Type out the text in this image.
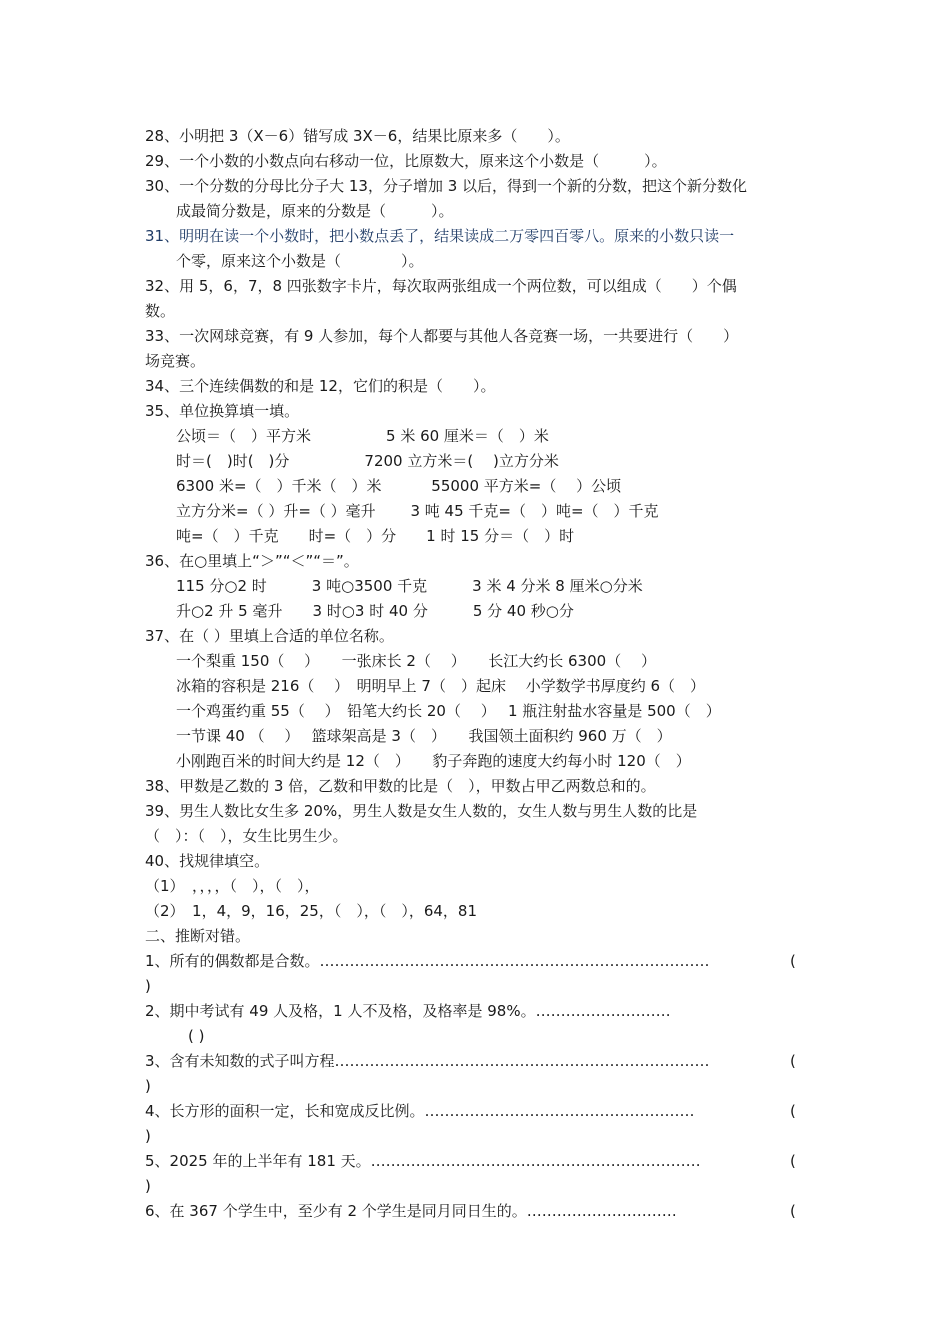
28、小明把 3（X－6）错写成 3X－6，结果比原来多（　　）。
29、一个小数的小数点向右移动一位，比原数大，原来这个小数是（　　　）。
30、一个分数的分母比分子大 13，分子增加 3 以后，得到一个新的分数，把这个新分数化
成最简分数是，原来的分数是（　　　）。
31、明明在读一个小数时，把小数点丢了，结果读成二万零四百零八。原来的小数只读一
个零，原来这个小数是（　　　　）。
32、用 5，6，7，8 四张数字卡片，每次取两张组成一个两位数，可以组成（　　）个偶
数。
33、一次网球竞赛，有 9 人参加，每个人都要与其他人各竞赛一场，一共要进行（　　）
场竞赛。
34、三个连续偶数的和是 12，它们的积是（　　）。
35、单位换算填一填。
公顷＝（　）平方米　　　　　5 米 60 厘米＝（　）米
时＝(　)时(　)分　　　　　7200 立方米＝(　 )立方分米
6300 米=（　）千米（　）米　　　 55000 平方米=（　 ）公顷
立方分米=（ ）升=（ ）毫升　　 3 吨 45 千克=（　）吨=（　）千克
吨=（　）千克　　时=（　）分　　1 时 15 分＝（　）时
36、在○里填上“＞”“＜”“＝”。
115 分○2 时　　　3 吨○3500 千克　　　3 米 4 分米 8 厘米○分米
升○2 升 5 毫升　　3 时○3 时 40 分　　　5 分 40 秒○分
37、在（ ）里填上合适的单位名称。
一个梨重 150（　 ）　　一张床长 2（　 ）　　长江大约长 6300（　 ）
冰箱的容积是 216（　 ）　明明早上 7（　）起床　 小学数学书厚度约 6（　）
一个鸡蛋约重 55（　 ）　铅笔大约长 20（　 ）　 1 瓶注射盐水容量是 500（　）
一节课 40 （　 ）　 篮球架高是 3（　）　　我国领土面积约 960 万（　）
小刚跑百米的时间大约是 12（　）　　豹子奔跑的速度大约每小时 120（　）
38、甲数是乙数的 3 倍，乙数和甲数的比是（　），甲数占甲乙两数总和的。
39、男生人数比女生多 20%，男生人数是女生人数的，女生人数与男生人数的比是
（　）：（　），女生比男生少。
40、找规律填空。
（1）　，，，，（　），（　），
（2）　1，4，9，16，25，（　），（　），64，81
二、推断对错。
1、所有的偶数都是合数。……………………………………………………………………	(
)
2、期中考试有 49 人及格，1 人不及格，及格率是 98%。………………………
( )
3、含有未知数的式子叫方程…………………………………………………………………	(
)
4、长方形的面积一定，长和宽成反比例。………………………………………………	(
)
5、2025 年的上半年有 181 天。…………………………………………………………	(
)
6、在 367 个学生中，至少有 2 个学生是同月同日生的。…………………………	(
